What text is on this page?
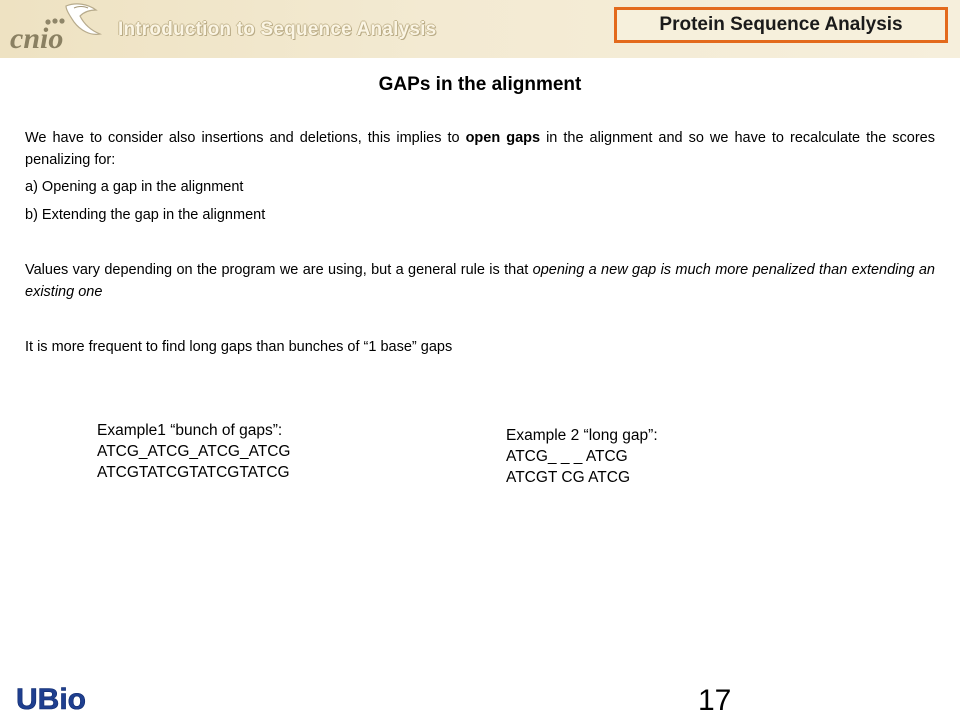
cnio	Introduction to Sequence Analysis	Protein Sequence Analysis
GAPs in the alignment
We have to consider also insertions and deletions, this implies to open gaps in the alignment and so we have to recalculate the scores penalizing for:
a) Opening a gap in the alignment
b) Extending the gap in the alignment
Values vary depending on the program we are using, but a general rule is that opening a new gap is much more penalized than extending an existing one
It is more frequent to find long gaps than bunches of “1 base” gaps
Example1 “bunch of gaps”:
ATCG_ATCG_ATCG_ATCG
ATCGTATCGTATCGTATCG
Example 2 “long gap”:
ATCG_ _ _ ATCG
ATCGT CG ATCG
UBio	17
